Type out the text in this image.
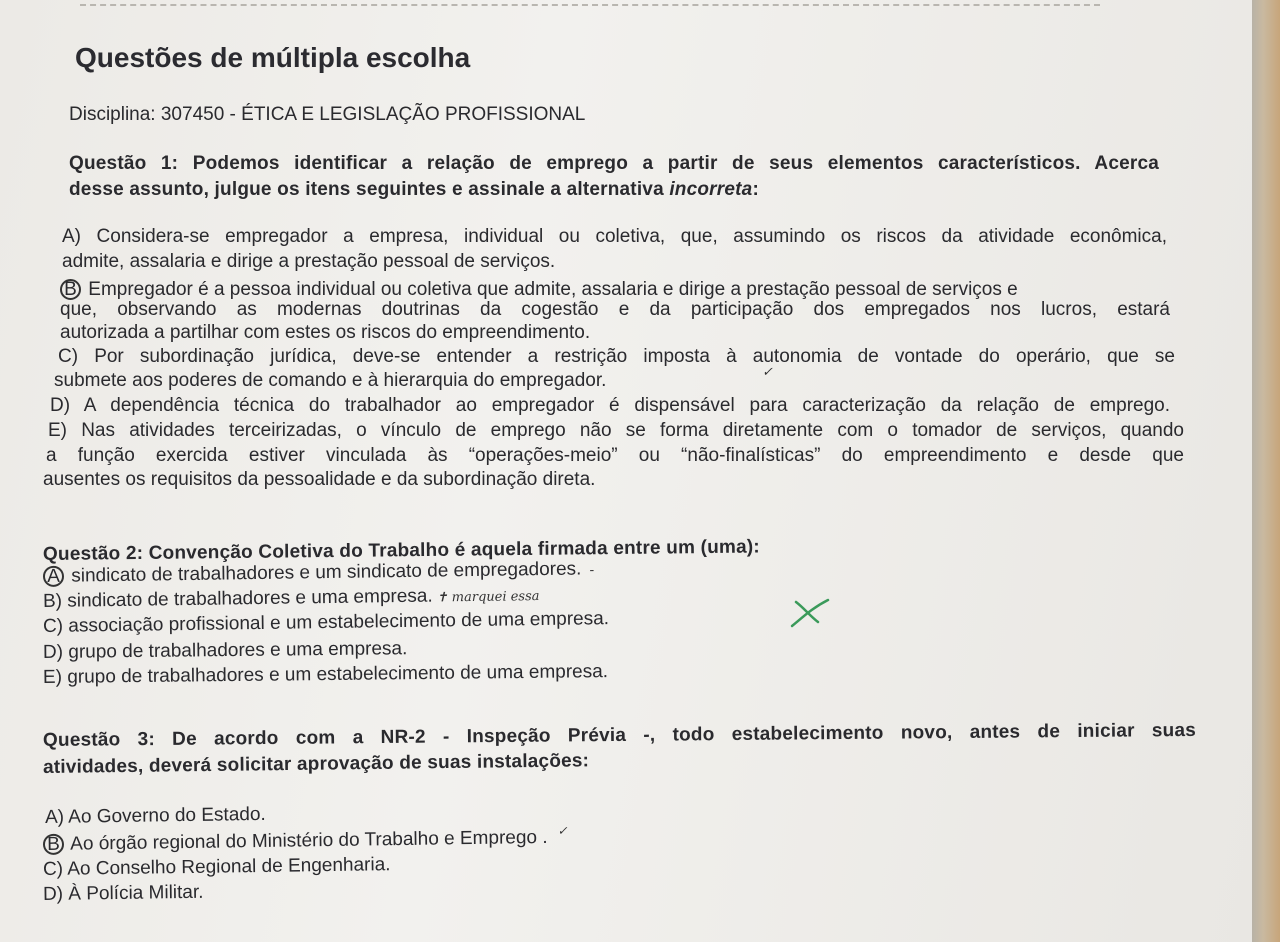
Questões de múltipla escolha
Disciplina: 307450 - ÉTICA E LEGISLAÇÃO PROFISSIONAL
Questão 1: Podemos identificar a relação de emprego a partir de seus elementos característicos. Acerca
desse assunto, julgue os itens seguintes e assinale a alternativa incorreta:
A) Considera-se empregador a empresa, individual ou coletiva, que, assumindo os riscos da atividade econômica,
admite, assalaria e dirige a prestação pessoal de serviços.
B Empregador é a pessoa individual ou coletiva que admite, assalaria e dirige a prestação pessoal de serviços e
que, observando as modernas doutrinas da cogestão e da participação dos empregados nos lucros, estará
autorizada a partilhar com estes os riscos do empreendimento.
C) Por subordinação jurídica, deve-se entender a restrição imposta à autonomia de vontade do operário, que se
submete aos poderes de comando e à hierarquia do empregador.	✓
D) A dependência técnica do trabalhador ao empregador é dispensável para caracterização da relação de emprego.
E) Nas atividades terceirizadas, o vínculo de emprego não se forma diretamente com o tomador de serviços, quando
a função exercida estiver vinculada às “operações-meio” ou “não-finalísticas” do empreendimento e desde que
ausentes os requisitos da pessoalidade e da subordinação direta.
Questão 2: Convenção Coletiva do Trabalho é aquela firmada entre um (uma):
A sindicato de trabalhadores e um sindicato de empregadores. -
B) sindicato de trabalhadores e uma empresa. ✝ marquei essa
C) associação profissional e um estabelecimento de uma empresa.
D) grupo de trabalhadores e uma empresa.
E) grupo de trabalhadores e um estabelecimento de uma empresa.
Questão 3: De acordo com a NR-2 - Inspeção Prévia -, todo estabelecimento novo, antes de iniciar suas
atividades, deverá solicitar aprovação de suas instalações:
A) Ao Governo do Estado.
B Ao órgão regional do Ministério do Trabalho e Emprego . ✓
C) Ao Conselho Regional de Engenharia.
D) À Polícia Militar.
